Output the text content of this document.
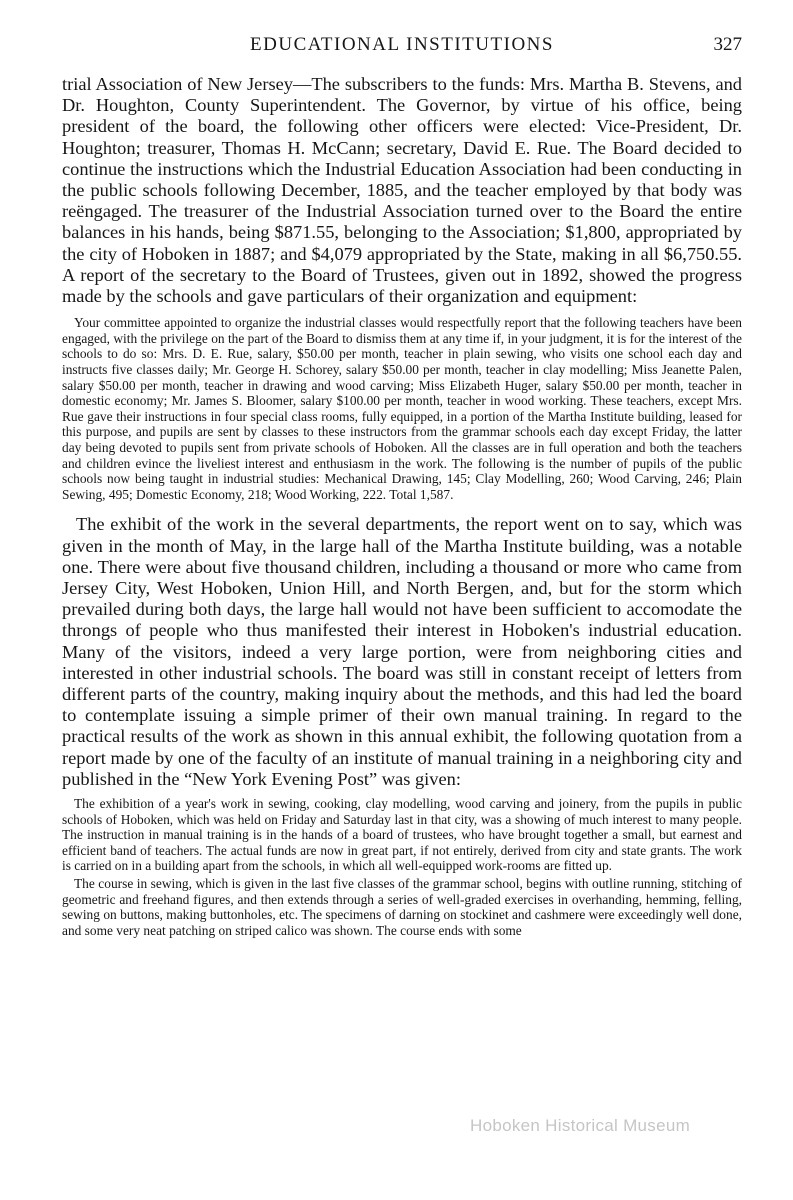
EDUCATIONAL INSTITUTIONS	327

trial Association of New Jersey—The subscribers to the funds: Mrs. Martha B. Stevens, and Dr. Houghton, County Superintendent. The Governor, by virtue of his office, being president of the board, the following other officers were elected: Vice-President, Dr. Houghton; treasurer, Thomas H. McCann; secretary, David E. Rue. The Board decided to continue the instructions which the Industrial Education Association had been conducting in the public schools following December, 1885, and the teacher employed by that body was reëngaged. The treasurer of the Industrial Association turned over to the Board the entire balances in his hands, being $871.55, belonging to the Association; $1,800, appropriated by the city of Hoboken in 1887; and $4,079 appropriated by the State, making in all $6,750.55. A report of the secretary to the Board of Trustees, given out in 1892, showed the progress made by the schools and gave particulars of their organization and equipment:

Your committee appointed to organize the industrial classes would respectfully report that the following teachers have been engaged, with the privilege on the part of the Board to dismiss them at any time if, in your judgment, it is for the interest of the schools to do so: Mrs. D. E. Rue, salary, $50.00 per month, teacher in plain sewing, who visits one school each day and instructs five classes daily; Mr. George H. Schorey, salary $50.00 per month, teacher in clay modelling; Miss Jeanette Palen, salary $50.00 per month, teacher in drawing and wood carving; Miss Elizabeth Huger, salary $50.00 per month, teacher in domestic economy; Mr. James S. Bloomer, salary $100.00 per month, teacher in wood working. These teachers, except Mrs. Rue gave their instructions in four special class rooms, fully equipped, in a portion of the Martha Institute building, leased for this purpose, and pupils are sent by classes to these instructors from the grammar schools each day except Friday, the latter day being devoted to pupils sent from private schools of Hoboken. All the classes are in full operation and both the teachers and children evince the liveliest interest and enthusiasm in the work. The following is the number of pupils of the public schools now being taught in industrial studies: Mechanical Drawing, 145; Clay Modelling, 260; Wood Carving, 246; Plain Sewing, 495; Domestic Economy, 218; Wood Working, 222. Total 1,587.

The exhibit of the work in the several departments, the report went on to say, which was given in the month of May, in the large hall of the Martha Institute building, was a notable one. There were about five thousand children, including a thousand or more who came from Jersey City, West Hoboken, Union Hill, and North Bergen, and, but for the storm which prevailed during both days, the large hall would not have been sufficient to accomodate the throngs of people who thus manifested their interest in Hoboken's industrial education. Many of the visitors, indeed a very large portion, were from neighboring cities and interested in other industrial schools. The board was still in constant receipt of letters from different parts of the country, making inquiry about the methods, and this had led the board to contemplate issuing a simple primer of their own manual training. In regard to the practical results of the work as shown in this annual exhibit, the following quotation from a report made by one of the faculty of an institute of manual training in a neighboring city and published in the “New York Evening Post” was given:

The exhibition of a year's work in sewing, cooking, clay modelling, wood carving and joinery, from the pupils in public schools of Hoboken, which was held on Friday and Saturday last in that city, was a showing of much interest to many people. The instruction in manual training is in the hands of a board of trustees, who have brought together a small, but earnest and efficient band of teachers. The actual funds are now in great part, if not entirely, derived from city and state grants. The work is carried on in a building apart from the schools, in which all well-equipped work-rooms are fitted up.

The course in sewing, which is given in the last five classes of the grammar school, begins with outline running, stitching of geometric and freehand figures, and then extends through a series of well-graded exercises in overhanding, hemming, felling, sewing on buttons, making buttonholes, etc. The specimens of darning on stockinet and cashmere were exceedingly well done, and some very neat patching on striped calico was shown. The course ends with some

Hoboken Historical Museum
